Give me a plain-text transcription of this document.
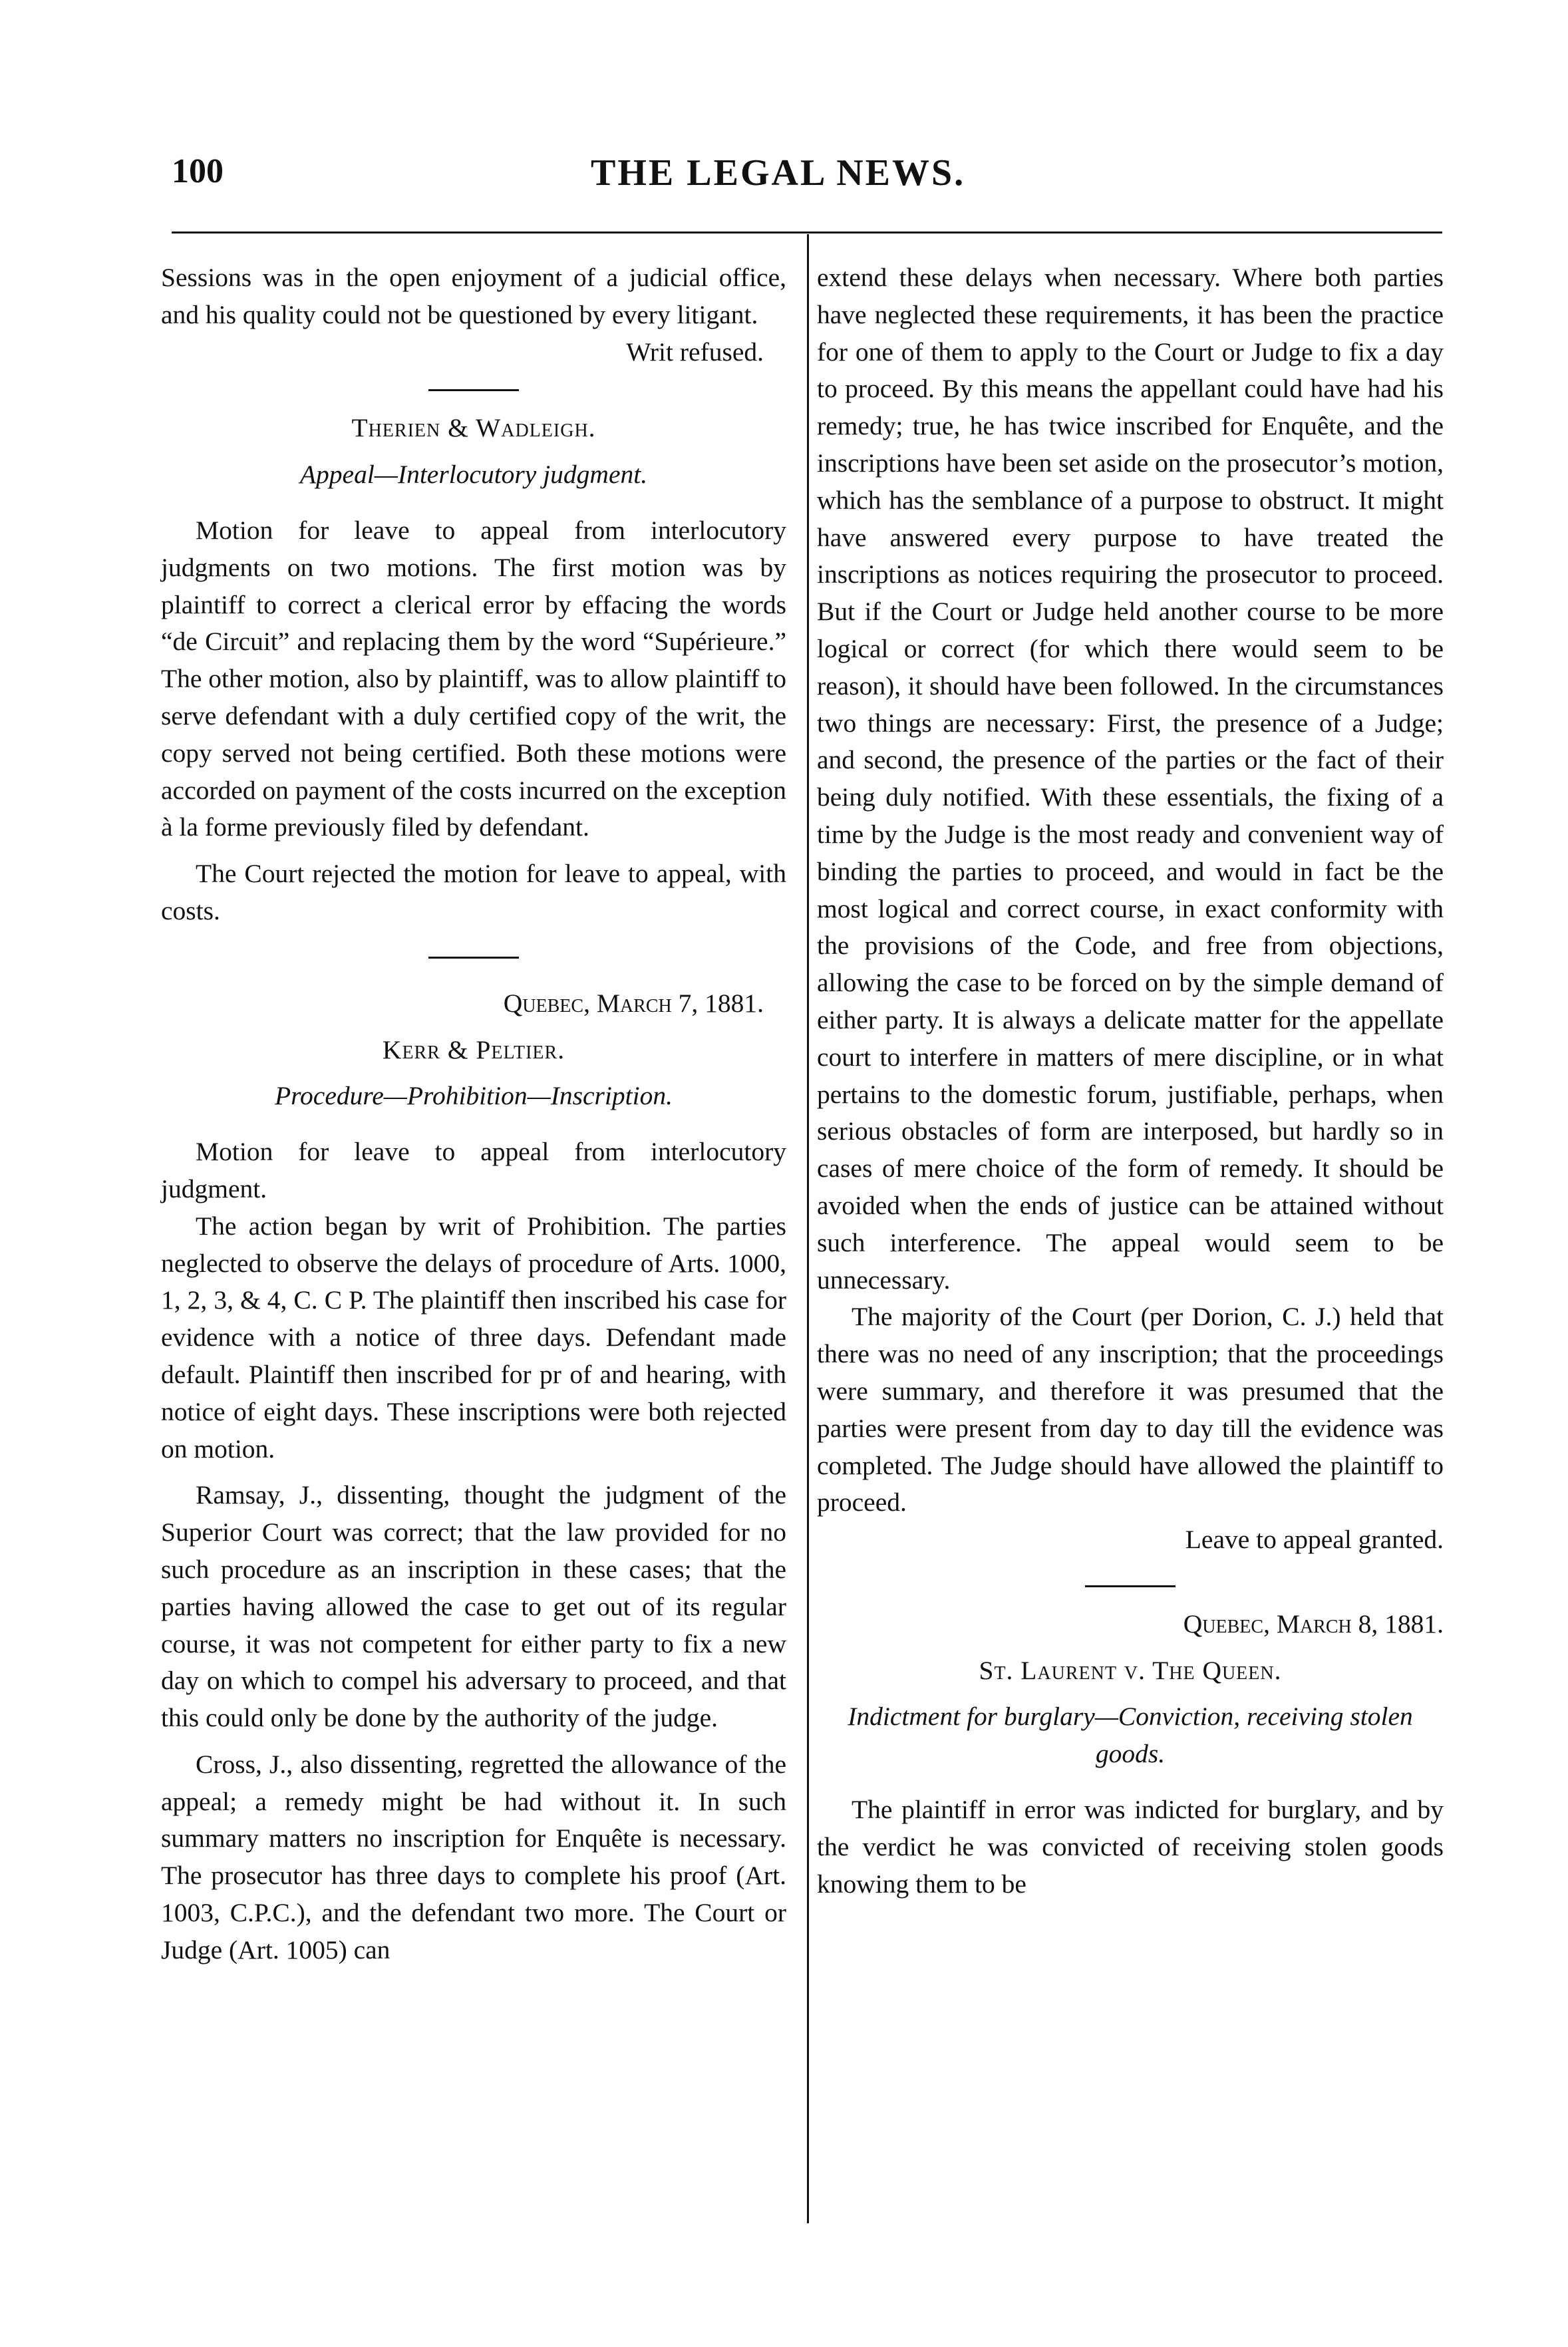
100	THE LEGAL NEWS.

Sessions was in the open enjoyment of a judicial office, and his quality could not be questioned by every litigant.

Writ refused.

Therien & Wadleigh.

Appeal—Interlocutory judgment.

Motion for leave to appeal from interlocutory judgments on two motions. The first motion was by plaintiff to correct a clerical error by effacing the words “de Circuit” and replacing them by the word “Supérieure.” The other motion, also by plaintiff, was to allow plaintiff to serve defendant with a duly certified copy of the writ, the copy served not being certified. Both these motions were accorded on payment of the costs incurred on the exception à la forme previously filed by defendant.

The Court rejected the motion for leave to appeal, with costs.

Quebec, March 7, 1881.

Kerr & Peltier.

Procedure—Prohibition—Inscription.

Motion for leave to appeal from interlocutory judgment.

The action began by writ of Prohibition. The parties neglected to observe the delays of procedure of Arts. 1000, 1, 2, 3, & 4, C. C P. The plaintiff then inscribed his case for evidence with a notice of three days. Defendant made default. Plaintiff then inscribed for pr of and hearing, with notice of eight days. These inscriptions were both rejected on motion.

Ramsay, J., dissenting, thought the judgment of the Superior Court was correct; that the law provided for no such procedure as an inscription in these cases; that the parties having allowed the case to get out of its regular course, it was not competent for either party to fix a new day on which to compel his adversary to proceed, and that this could only be done by the authority of the judge.

Cross, J., also dissenting, regretted the allowance of the appeal; a remedy might be had without it. In such summary matters no inscription for Enquête is necessary. The prosecutor has three days to complete his proof (Art. 1003, C.P.C.), and the defendant two more. The Court or Judge (Art. 1005) can

extend these delays when necessary. Where both parties have neglected these requirements, it has been the practice for one of them to apply to the Court or Judge to fix a day to proceed. By this means the appellant could have had his remedy; true, he has twice inscribed for Enquête, and the inscriptions have been set aside on the prosecutor’s motion, which has the semblance of a purpose to obstruct. It might have answered every purpose to have treated the inscriptions as notices requiring the prosecutor to proceed. But if the Court or Judge held another course to be more logical or correct (for which there would seem to be reason), it should have been followed. In the circumstances two things are necessary: First, the presence of a Judge; and second, the presence of the parties or the fact of their being duly notified. With these essentials, the fixing of a time by the Judge is the most ready and convenient way of binding the parties to proceed, and would in fact be the most logical and correct course, in exact conformity with the provisions of the Code, and free from objections, allowing the case to be forced on by the simple demand of either party. It is always a delicate matter for the appellate court to interfere in matters of mere discipline, or in what pertains to the domestic forum, justifiable, perhaps, when serious obstacles of form are interposed, but hardly so in cases of mere choice of the form of remedy. It should be avoided when the ends of justice can be attained without such interference. The appeal would seem to be unnecessary.

The majority of the Court (per Dorion, C. J.) held that there was no need of any inscription; that the proceedings were summary, and therefore it was presumed that the parties were present from day to day till the evidence was completed. The Judge should have allowed the plaintiff to proceed.

Leave to appeal granted.

Quebec, March 8, 1881.

St. Laurent v. The Queen.

Indictment for burglary—Conviction, receiving stolen goods.

The plaintiff in error was indicted for burglary, and by the verdict he was convicted of receiving stolen goods knowing them to be
